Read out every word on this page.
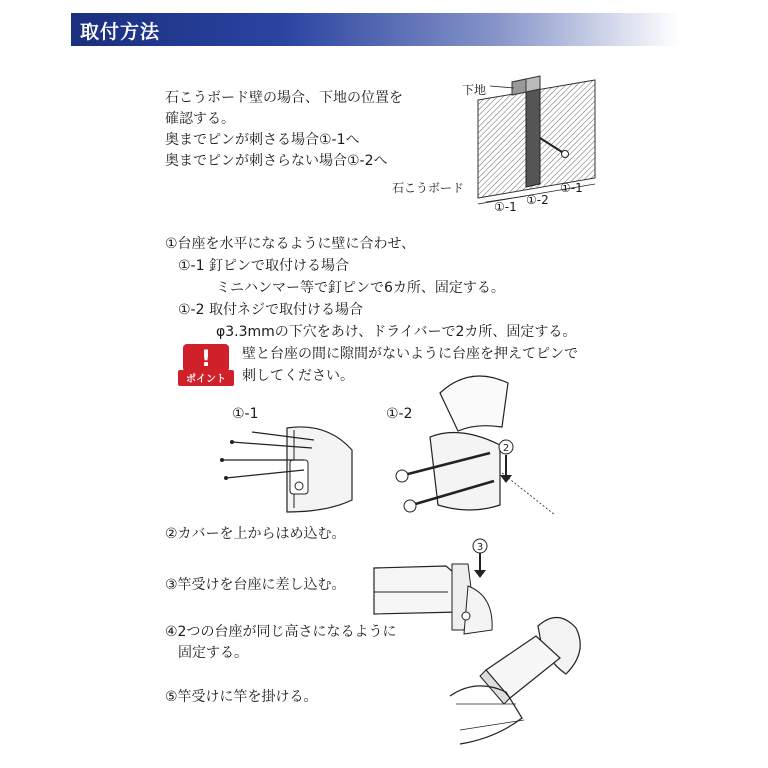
取付方法
石こうボード壁の場合、下地の位置を
確認する。
奥までピンが刺さる場合①-1へ
奥までピンが刺さらない場合①-2へ
下地
石こうボード
①-1 ①-2
①-1
①台座を水平になるように壁に合わせ、
①-1 釘ピンで取付ける場合
ミニハンマー等で釘ピンで6カ所、固定する。
①-2 取付ネジで取付ける場合
φ3.3mmの下穴をあけ、ドライバーで2カ所、固定する。
!
ポイント
壁と台座の間に隙間がないように台座を押えてピンで
刺してください。
①-1	①-2
2
②カバーを上からはめ込む。
③竿受けを台座に差し込む。
④2つの台座が同じ高さになるように
固定する。
⑤竿受けに竿を掛ける。
3
